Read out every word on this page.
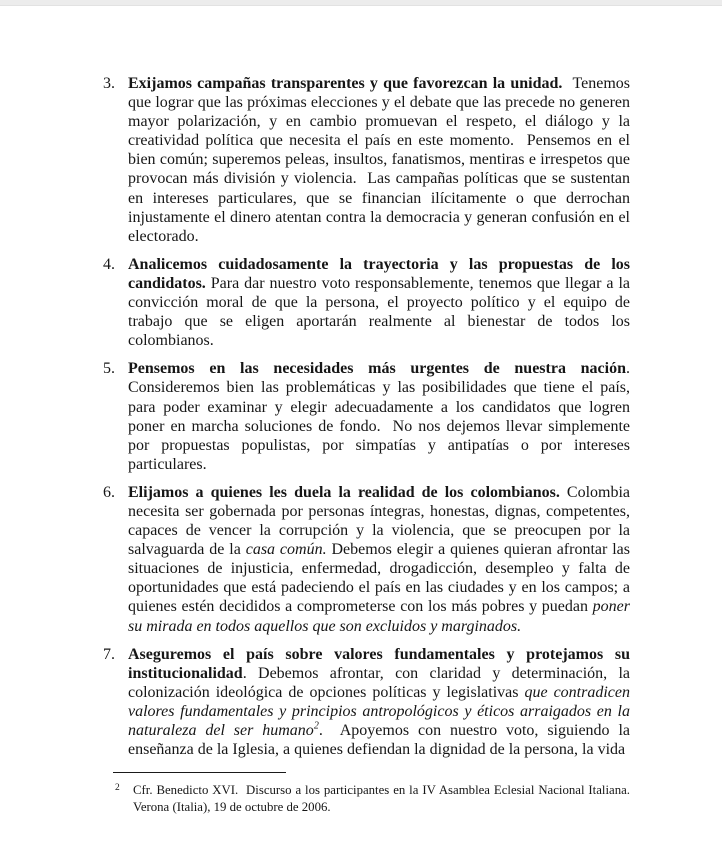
3. Exijamos campañas transparentes y que favorezcan la unidad.  Tenemos que lograr que las próximas elecciones y el debate que las precede no generen mayor polarización, y en cambio promuevan el respeto, el diálogo y la creatividad política que necesita el país en este momento.  Pensemos en el bien común; superemos peleas, insultos, fanatismos, mentiras e irrespetos que provocan más división y violencia.  Las campañas políticas que se sustentan en intereses particulares, que se financian ilícitamente o que derrochan injustamente el dinero atentan contra la democracia y generan confusión en el electorado.
4. Analicemos cuidadosamente la trayectoria y las propuestas de los candidatos. Para dar nuestro voto responsablemente, tenemos que llegar a la convicción moral de que la persona, el proyecto político y el equipo de trabajo que se eligen aportarán realmente al bienestar de todos los colombianos.
5. Pensemos en las necesidades más urgentes de nuestra nación. Consideremos bien las problemáticas y las posibilidades que tiene el país, para poder examinar y elegir adecuadamente a los candidatos que logren poner en marcha soluciones de fondo.  No nos dejemos llevar simplemente por propuestas populistas, por simpatías y antipatías o por intereses particulares.
6. Elijamos a quienes les duela la realidad de los colombianos. Colombia necesita ser gobernada por personas íntegras, honestas, dignas, competentes, capaces de vencer la corrupción y la violencia, que se preocupen por la salvaguarda de la casa común. Debemos elegir a quienes quieran afrontar las situaciones de injusticia, enfermedad, drogadicción, desempleo y falta de oportunidades que está padeciendo el país en las ciudades y en los campos; a quienes estén decididos a comprometerse con los más pobres y puedan poner su mirada en todos aquellos que son excluidos y marginados.
7. Aseguremos el país sobre valores fundamentales y protejamos su institucionalidad. Debemos afrontar, con claridad y determinación, la colonización ideológica de opciones políticas y legislativas que contradicen valores fundamentales y principios antropológicos y éticos arraigados en la naturaleza del ser humano$^2$.  Apoyemos con nuestro voto, siguiendo la enseñanza de la Iglesia, a quienes defiendan la dignidad de la persona, la vida
2 Cfr. Benedicto XVI.  Discurso a los participantes en la IV Asamblea Eclesial Nacional Italiana. Verona (Italia), 19 de octubre de 2006.
